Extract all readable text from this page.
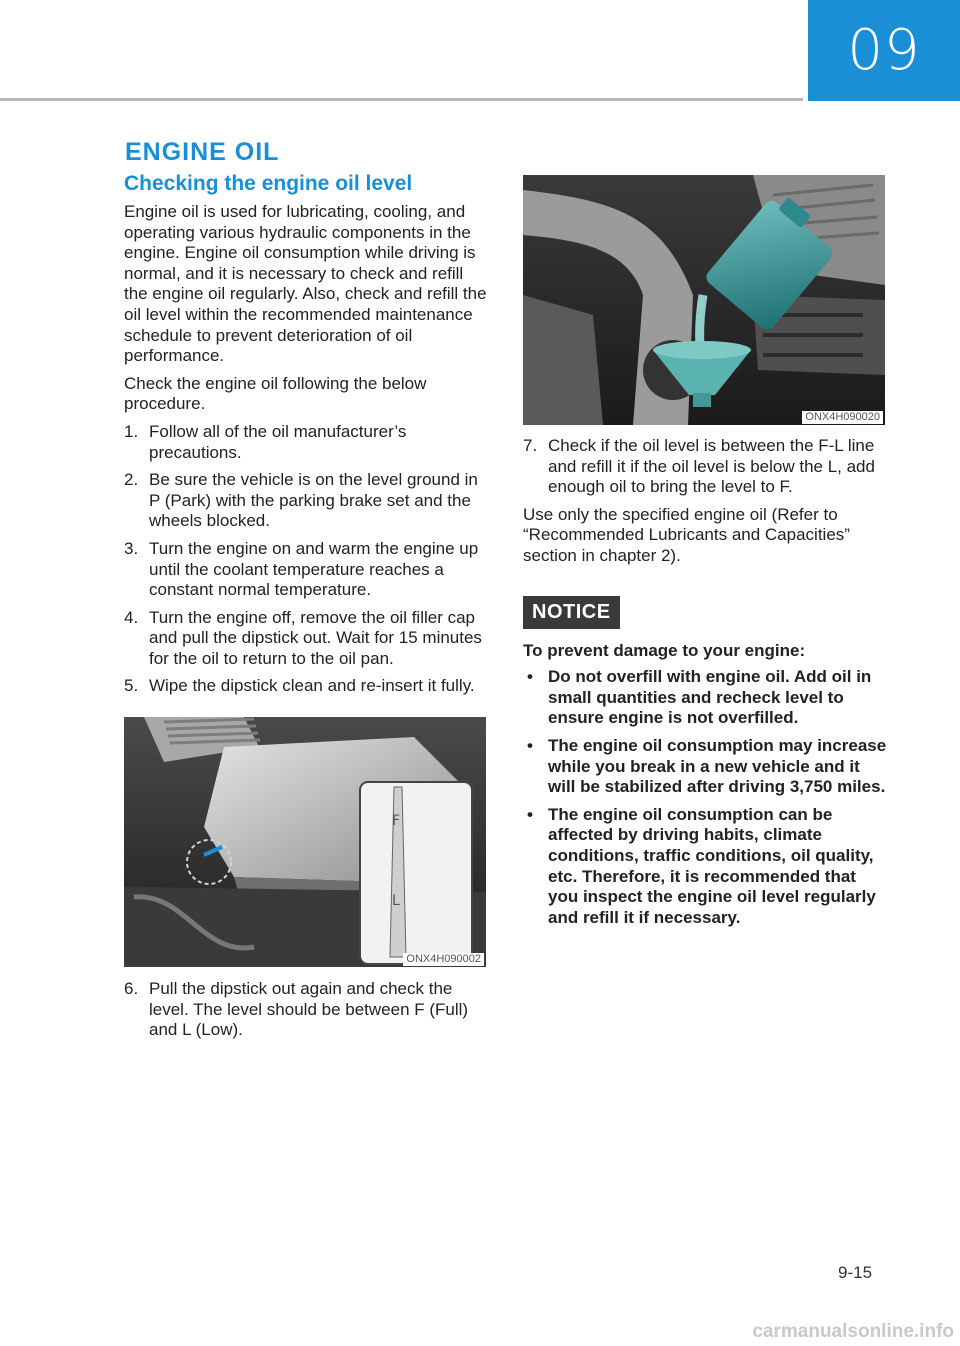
09
ENGINE OIL
Checking the engine oil level

Engine oil is used for lubricating, cooling, and operating various hydraulic components in the engine. Engine oil consumption while driving is normal, and it is necessary to check and refill the engine oil regularly. Also, check and refill the oil level within the recommended maintenance schedule to prevent deterioration of oil performance.

Check the engine oil following the below procedure.

1. Follow all of the oil manufacturer’s precautions.
2. Be sure the vehicle is on the level ground in P (Park) with the parking brake set and the wheels blocked.
3. Turn the engine on and warm the engine up until the coolant temperature reaches a constant normal temperature.
4. Turn the engine off, remove the oil filler cap and pull the dipstick out. Wait for 15 minutes for the oil to return to the oil pan.
5. Wipe the dipstick clean and re-insert it fully.
F
L
ONX4H090002
6. Pull the dipstick out again and check the level. The level should be between F (Full) and L (Low).
ONX4H090020
7. Check if the oil level is between the F-L line and refill it if the oil level is below the L, add enough oil to bring the level to F.

Use only the specified engine oil (Refer to “Recommended Lubricants and Capacities” section in chapter 2).

NOTICE

To prevent damage to your engine:

• Do not overfill with engine oil. Add oil in small quantities and recheck level to ensure engine is not overfilled.
• The engine oil consumption may increase while you break in a new vehicle and it will be stabilized after driving 3,750 miles.
• The engine oil consumption can be affected by driving habits, climate conditions, traffic conditions, oil quality, etc. Therefore, it is recommended that you inspect the engine oil level regularly and refill it if necessary.
9-15
carmanualsonline.info
